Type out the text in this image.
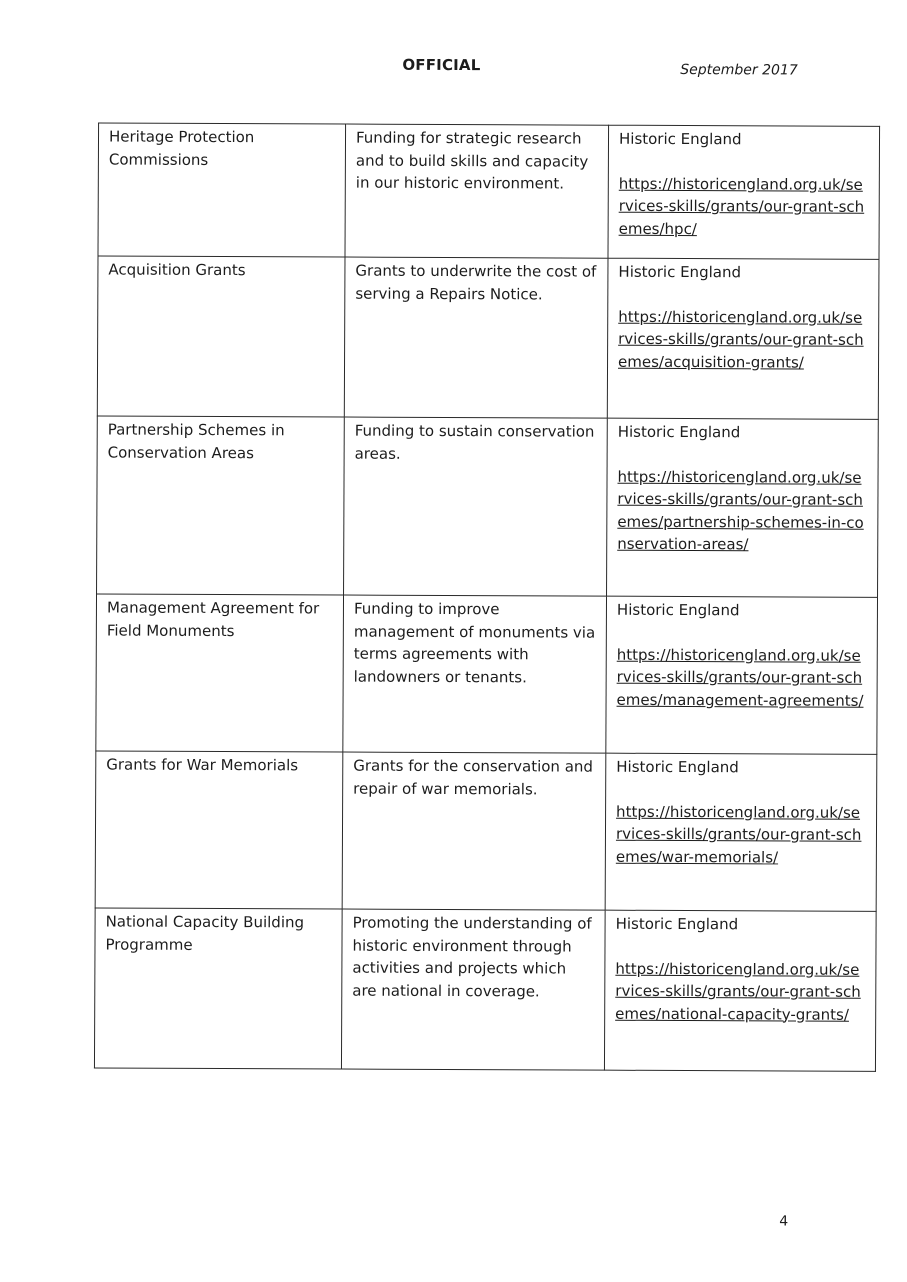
OFFICIAL	September 2017
Heritage Protection Commissions	Funding for strategic research and to build skills and capacity in our historic environment.	Historic England
https://historicengland.org.uk/services-skills/grants/our-grant-schemes/hpc/

Acquisition Grants	Grants to underwrite the cost of serving a Repairs Notice.	Historic England
https://historicengland.org.uk/services-skills/grants/our-grant-schemes/acquisition-grants/

Partnership Schemes in Conservation Areas	Funding to sustain conservation areas.	Historic England
https://historicengland.org.uk/services-skills/grants/our-grant-schemes/partnership-schemes-in-conservation-areas/

Management Agreement for Field Monuments	Funding to improve management of monuments via terms agreements with landowners or tenants.	Historic England
https://historicengland.org.uk/services-skills/grants/our-grant-schemes/management-agreements/

Grants for War Memorials	Grants for the conservation and repair of war memorials.	Historic England
https://historicengland.org.uk/services-skills/grants/our-grant-schemes/war-memorials/

National Capacity Building Programme	Promoting the understanding of historic environment through activities and projects which are national in coverage.	Historic England
https://historicengland.org.uk/services-skills/grants/our-grant-schemes/national-capacity-grants/
4
